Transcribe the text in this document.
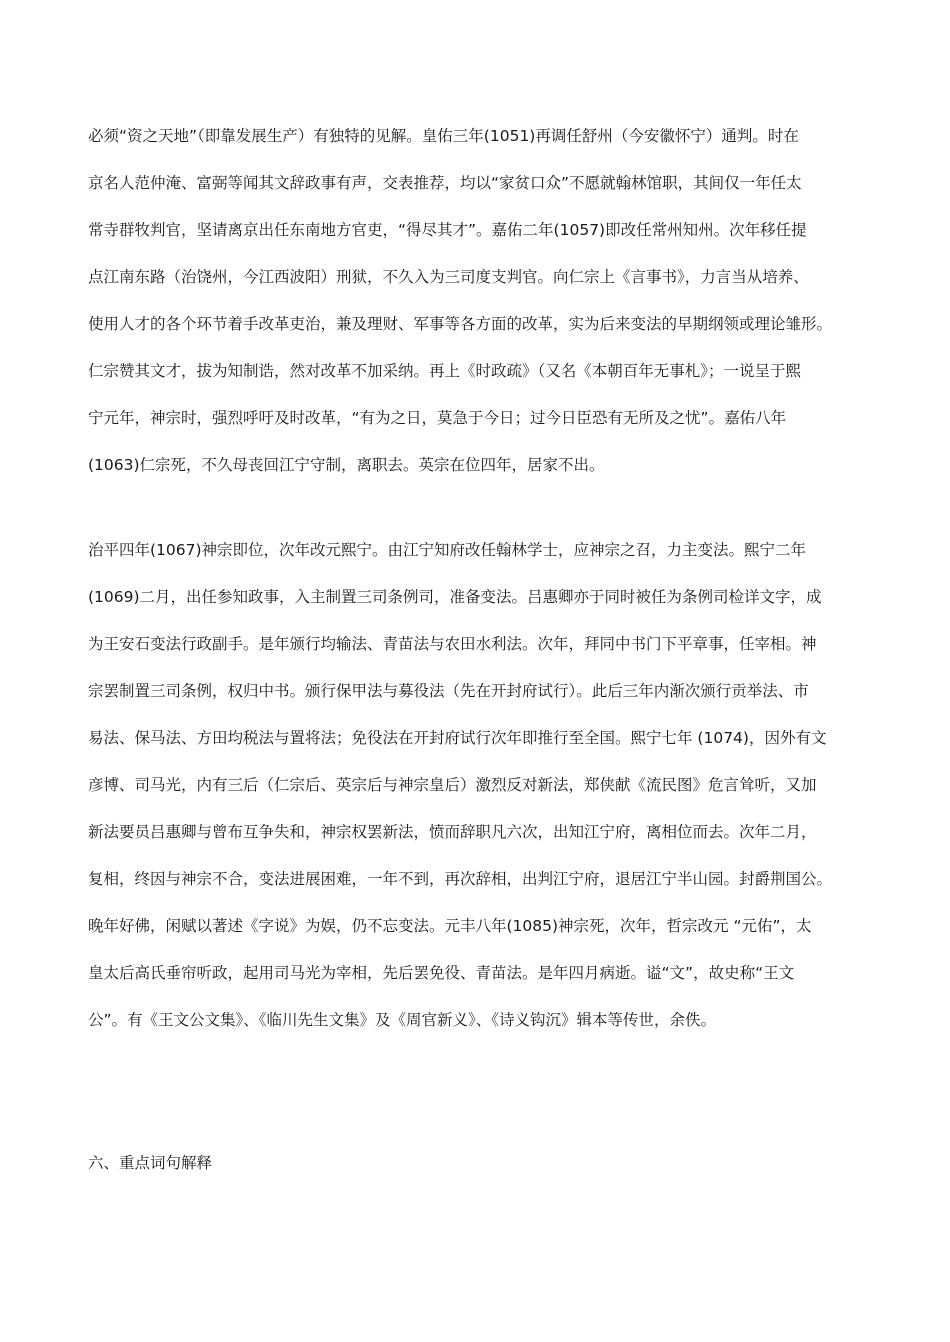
必须“资之天地”（即靠发展生产）有独特的见解。皇佑三年(1051)再调任舒州（今安徽怀宁）通判。时在
京名人范仲淹、富弼等闻其文辞政事有声，交表推荐，均以“家贫口众”不愿就翰林馆职，其间仅一年任太
常寺群牧判官，坚请离京出任东南地方官吏，“得尽其才”。嘉佑二年(1057)即改任常州知州。次年移任提
点江南东路（治饶州，今江西波阳）刑狱，不久入为三司度支判官。向仁宗上《言事书》，力言当从培养、
使用人才的各个环节着手改革吏治，兼及理财、军事等各方面的改革，实为后来变法的早期纲领或理论雏形。
仁宗赞其文才，拔为知制诰，然对改革不加采纳。再上《时政疏》（又名《本朝百年无事札》；一说呈于熙
宁元年，神宗时，强烈呼吁及时改革，“有为之日，莫急于今日；过今日臣恐有无所及之忧”。嘉佑八年
(1063)仁宗死，不久母丧回江宁守制，离职去。英宗在位四年，居家不出。
治平四年(1067)神宗即位，次年改元熙宁。由江宁知府改任翰林学士，应神宗之召，力主变法。熙宁二年
(1069)二月，出任参知政事，入主制置三司条例司，准备变法。吕惠卿亦于同时被任为条例司检详文字，成
为王安石变法行政副手。是年颁行均输法、青苗法与农田水利法。次年，拜同中书门下平章事，任宰相。神
宗罢制置三司条例，权归中书。颁行保甲法与募役法（先在开封府试行）。此后三年内渐次颁行贡举法、市
易法、保马法、方田均税法与置将法；免役法在开封府试行次年即推行至全国。熙宁七年 (1074)，因外有文
彦博、司马光，内有三后（仁宗后、英宗后与神宗皇后）激烈反对新法，郑侠献《流民图》危言耸听，又加
新法要员吕惠卿与曾布互争失和，神宗权罢新法，愤而辞职凡六次，出知江宁府，离相位而去。次年二月，
复相，终因与神宗不合，变法进展困难，一年不到，再次辞相，出判江宁府，退居江宁半山园。封爵荆国公。
晚年好佛，闲赋以著述《字说》为娱，仍不忘变法。元丰八年(1085)神宗死，次年，哲宗改元 “元佑”，太
皇太后高氏垂帘听政，起用司马光为宰相，先后罢免役、青苗法。是年四月病逝。谥“文”，故史称“王文
公”。有《王文公文集》、《临川先生文集》及《周官新义》、《诗义钩沉》辑本等传世，余佚。
六、重点词句解释
